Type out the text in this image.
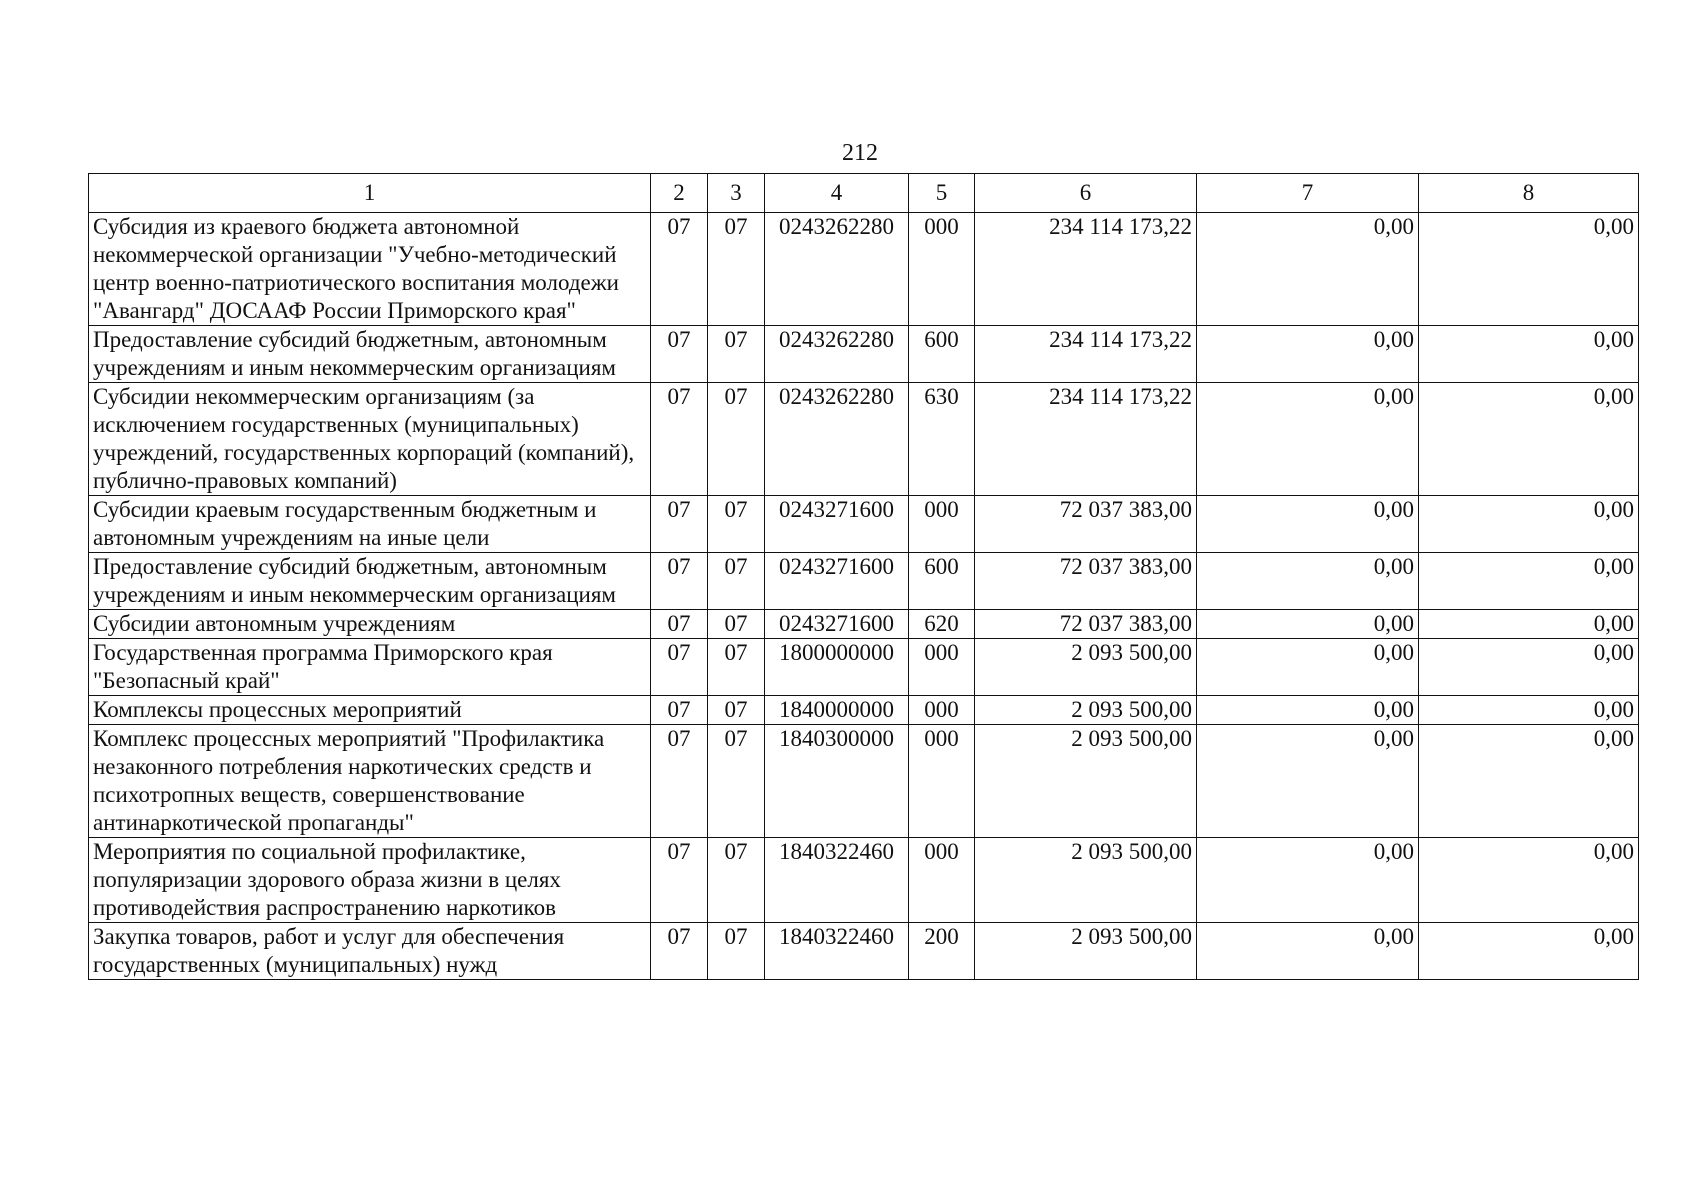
212
1	2	3	4	5	6	7	8
Субсидия из краевого бюджета автономной некоммерческой организации "Учебно-методический центр военно-патриотического воспитания молодежи "Авангард" ДОСААФ России Приморского края"	07	07	0243262280	000	234 114 173,22	0,00	0,00
Предоставление субсидий бюджетным, автономным учреждениям и иным некоммерческим организациям	07	07	0243262280	600	234 114 173,22	0,00	0,00
Субсидии некоммерческим организациям (за исключением государственных (муниципальных) учреждений, государственных корпораций (компаний), публично-правовых компаний)	07	07	0243262280	630	234 114 173,22	0,00	0,00
Субсидии краевым государственным бюджетным и автономным учреждениям на иные цели	07	07	0243271600	000	72 037 383,00	0,00	0,00
Предоставление субсидий бюджетным, автономным учреждениям и иным некоммерческим организациям	07	07	0243271600	600	72 037 383,00	0,00	0,00
Субсидии автономным учреждениям	07	07	0243271600	620	72 037 383,00	0,00	0,00
Государственная программа Приморского края "Безопасный край"	07	07	1800000000	000	2 093 500,00	0,00	0,00
Комплексы процессных мероприятий	07	07	1840000000	000	2 093 500,00	0,00	0,00
Комплекс процессных мероприятий "Профилактика незаконного потребления наркотических средств и психотропных веществ, совершенствование антинаркотической пропаганды"	07	07	1840300000	000	2 093 500,00	0,00	0,00
Мероприятия по социальной профилактике, популяризации здорового образа жизни в целях противодействия распространению наркотиков	07	07	1840322460	000	2 093 500,00	0,00	0,00
Закупка товаров, работ и услуг для обеспечения государственных (муниципальных) нужд	07	07	1840322460	200	2 093 500,00	0,00	0,00
